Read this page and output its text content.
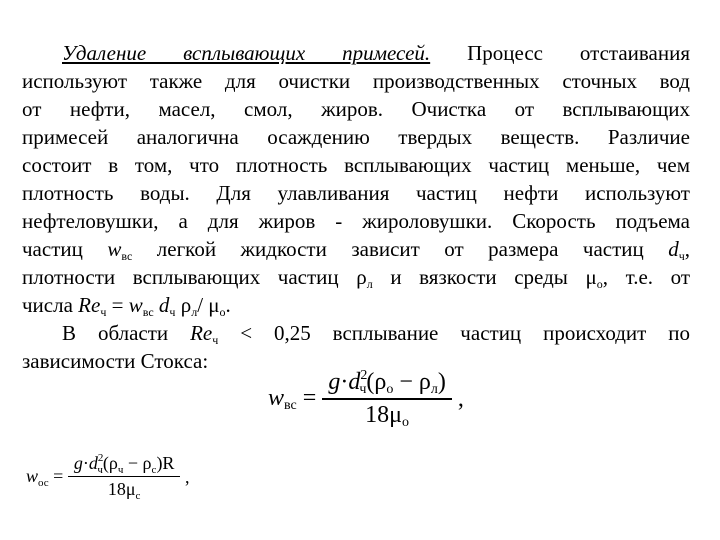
Удаление всплывающих примесей. Процесс отстаивания
используют также для очистки производственных сточных вод
от нефти, масел, смол, жиров. Очистка от всплывающих
примесей аналогична осаждению твердых веществ. Различие
состоит в том, что плотность всплывающих частиц меньше, чем
плотность воды. Для улавливания частиц нефти используют
нефтеловушки, а для жиров - жироловушки. Скорость подъема
частиц $w_{вс}$ легкой жидкости зависит от размера частиц $d_ч$,
плотности всплывающих частиц $\rho_л$ и вязкости среды $\mu_о$, т.е. от
числа $Re_ч = w_{вс}$ $d_ч$ $\rho_л/$ $\mu_о$.
В области $Re_ч < 0,25$ всплывание частиц происходит по
зависимости Стокса:
$w_{вс} = \frac{g\cdot d^2_ч(\rho_о - \rho_л)}{18\mu_о}$ ,
$w_{ос} = \frac{g\cdot d^2_ч(\rho_ч - \rho_с)R}{18\mu_с}$ ,
